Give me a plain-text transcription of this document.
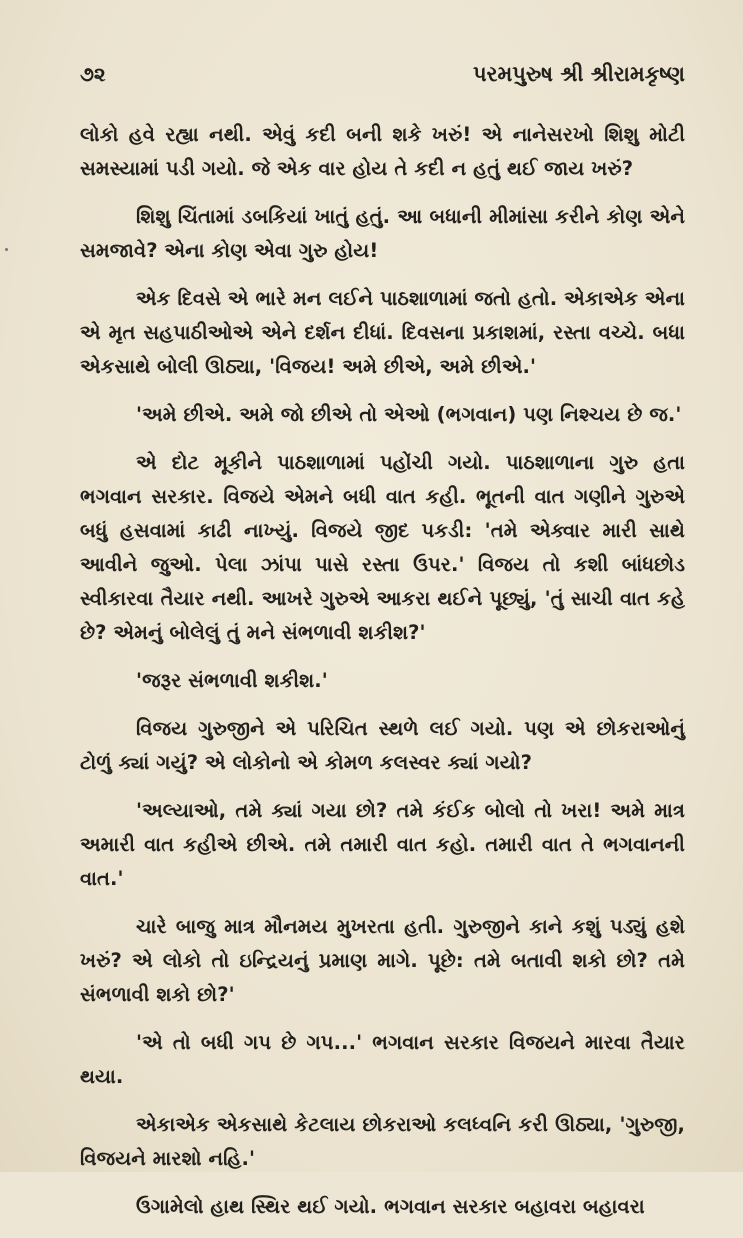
૭૨	પરમપુરુષ શ્રી શ્રીરામકૃષ્ણ

લોકો હવે રહ્યા નથી. એવું કદી બની શકે ખરું! એ નાનેસરખો શિશુ મોટી સમસ્યામાં પડી ગયો. જે એક વાર હોય તે કદી ન હતું થઈ જાય ખરું?

શિશુ ચિંતામાં ડબકિયાં ખાતું હતું. આ બધાની મીમાંસા કરીને કોણ એને સમજાવે? એના કોણ એવા ગુરુ હોય!

એક દિવસે એ ભારે મન લઈને પાઠશાળામાં જતો હતો. એકાએક એના એ મૃત સહપાઠીઓએ એને દર્શન દીધાં. દિવસના પ્રકાશમાં, રસ્તા વચ્ચે. બધા એકસાથે બોલી ઊઠ્યા, 'વિજય! અમે છીએ, અમે છીએ.'

'અમે છીએ. અમે જો છીએ તો એઓ (ભગવાન) પણ નિશ્ચય છે જ.'

એ દોટ મૂકીને પાઠશાળામાં પહોંચી ગયો. પાઠશાળાના ગુરુ હતા ભગવાન સરકાર. વિજયે એમને બધી વાત કહી. ભૂતની વાત ગણીને ગુરુએ બધું હસવામાં કાઢી નાખ્યું. વિજયે જીદ પકડી: 'તમે એક્વાર મારી સાથે આવીને જુઓ. પેલા ઝાંપા પાસે રસ્તા ઉપર.' વિજય તો કશી બાંધછોડ સ્વીકારવા તૈયાર નથી. આખરે ગુરુએ આકરા થઈને પૂછ્યું, 'તું સાચી વાત કહે છે? એમનું બોલેલું તું મને સંભળાવી શકીશ?'

'જરૂર સંભળાવી શકીશ.'

વિજય ગુરુજીને એ પરિચિત સ્થળે લઈ ગયો. પણ એ છોકરાઓનું ટોળું ક્યાં ગયું? એ લોકોનો એ કોમળ કલસ્વર ક્યાં ગયો?

'અલ્યાઓ, તમે ક્યાં ગયા છો? તમે કંઈક બોલો તો ખરા! અમે માત્ર અમારી વાત કહીએ છીએ. તમે તમારી વાત કહો. તમારી વાત તે ભગવાનની વાત.'

ચારે બાજુ માત્ર મૌનમય મુખરતા હતી. ગુરુજીને કાને કશું પડ્યું હશે ખરું? એ લોકો તો ઇન્દ્રિયનું પ્રમાણ માગે. પૂછે: તમે બતાવી શકો છો? તમે સંભળાવી શકો છો?'

'એ તો બધી ગપ છે ગપ...' ભગવાન સરકાર વિજયને મારવા તૈયાર થયા.

એકાએક એકસાથે કેટલાય છોકરાઓ કલધ્વનિ કરી ઊઠ્યા, 'ગુરુજી, વિજયને મારશો નહિ.'

ઉગામેલો હાથ સ્થિર થઈ ગયો. ભગવાન સરકાર બહાવરા બહાવરા
